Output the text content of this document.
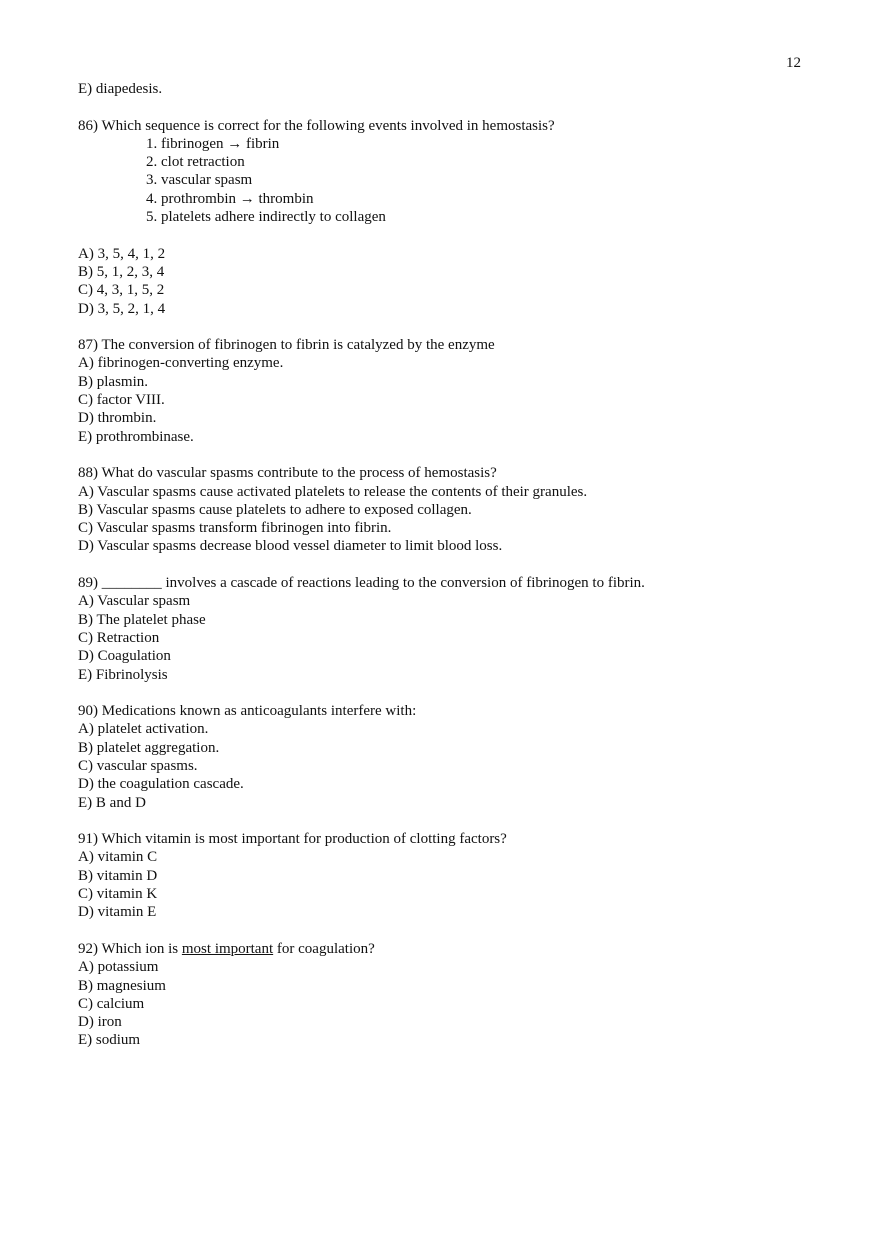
12
E) diapedesis.
86) Which sequence is correct for the following events involved in hemostasis?
1. fibrinogen → fibrin
2. clot retraction
3. vascular spasm
4. prothrombin → thrombin
5. platelets adhere indirectly to collagen
A) 3, 5, 4, 1, 2
B) 5, 1, 2, 3, 4
C) 4, 3, 1, 5, 2
D) 3, 5, 2, 1, 4
87) The conversion of fibrinogen to fibrin is catalyzed by the enzyme
A) fibrinogen-converting enzyme.
B) plasmin.
C) factor VIII.
D) thrombin.
E) prothrombinase.
88) What do vascular spasms contribute to the process of hemostasis?
A) Vascular spasms cause activated platelets to release the contents of their granules.
B) Vascular spasms cause platelets to adhere to exposed collagen.
C) Vascular spasms transform fibrinogen into fibrin.
D) Vascular spasms decrease blood vessel diameter to limit blood loss.
89) ________ involves a cascade of reactions leading to the conversion of fibrinogen to fibrin.
A) Vascular spasm
B) The platelet phase
C) Retraction
D) Coagulation
E) Fibrinolysis
90) Medications known as anticoagulants interfere with:
A) platelet activation.
B) platelet aggregation.
C) vascular spasms.
D) the coagulation cascade.
E) B and D
91) Which vitamin is most important for production of clotting factors?
A) vitamin C
B) vitamin D
C) vitamin K
D) vitamin E
92) Which ion is most important for coagulation?
A) potassium
B) magnesium
C) calcium
D) iron
E) sodium
